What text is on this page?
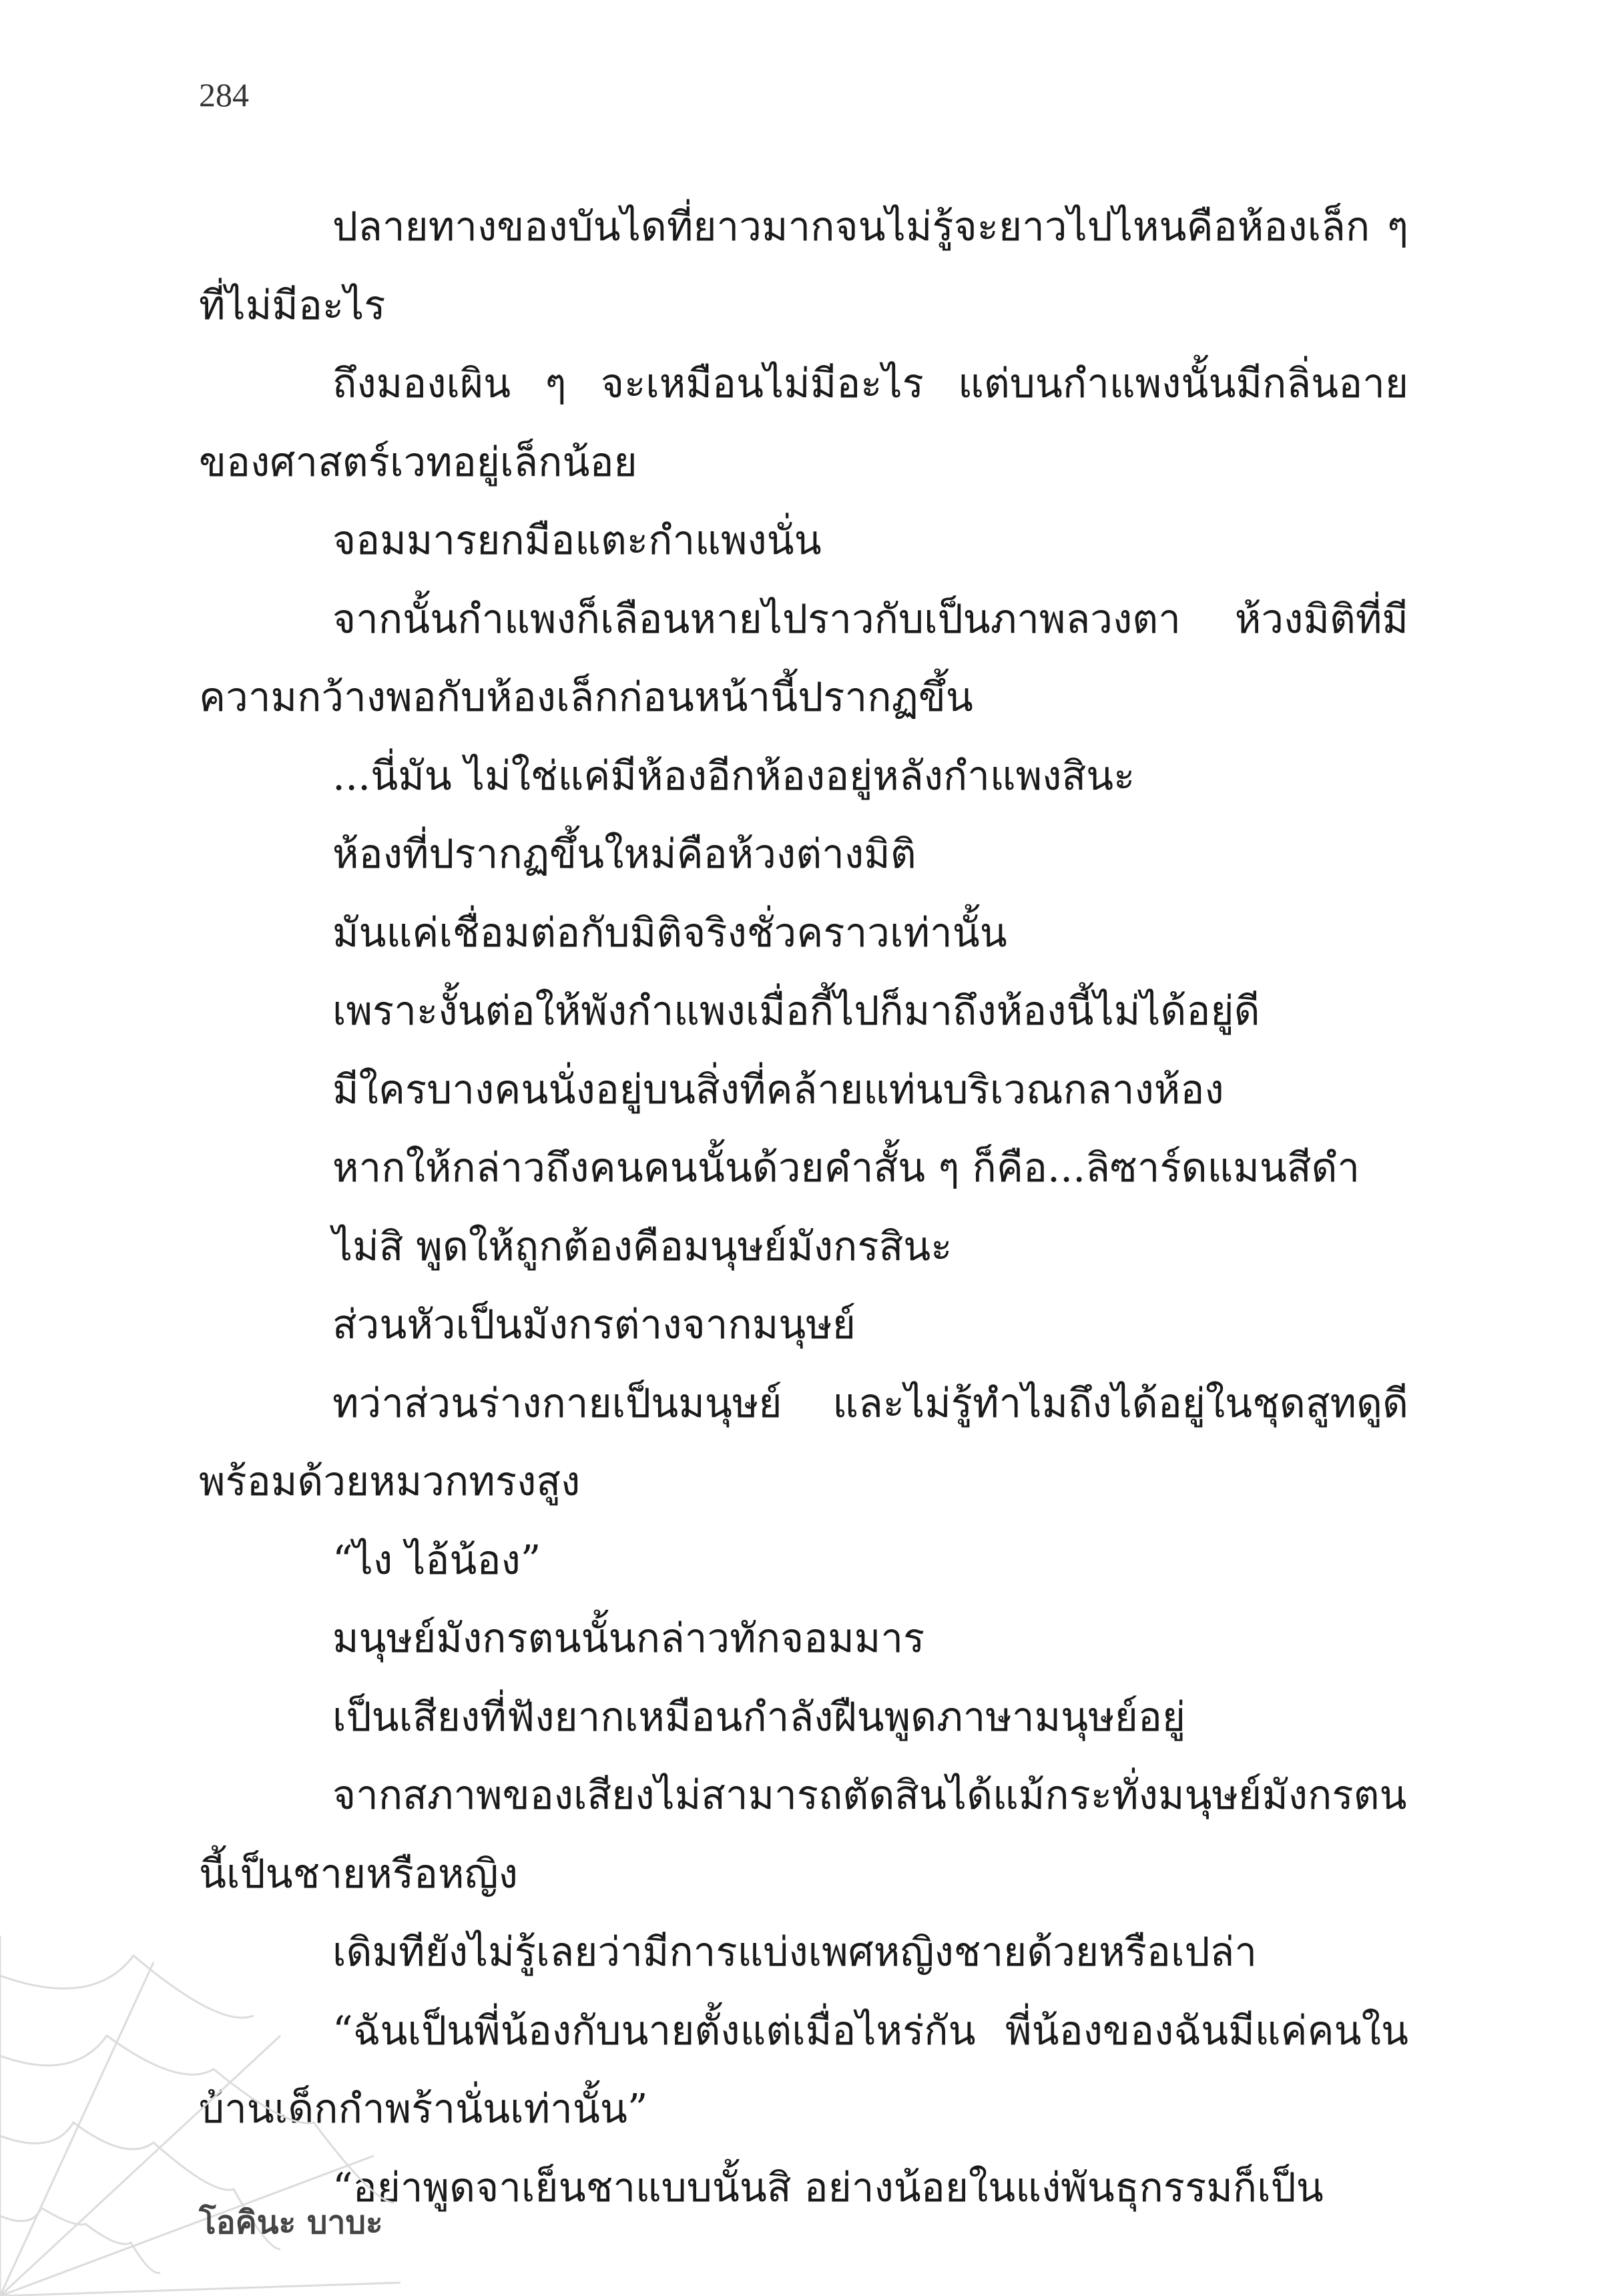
284

ปลายทางของบันไดที่ยาวมากจนไม่รู้จะยาวไปไหนคือห้องเล็ก ๆ ที่ไม่มีอะไร

ถึงมองเผิน ๆ จะเหมือนไม่มีอะไร แต่บนกำแพงนั้นมีกลิ่นอายของศาสตร์เวทอยู่เล็กน้อย

จอมมารยกมือแตะกำแพงนั่น

จากนั้นกำแพงก็เลือนหายไปราวกับเป็นภาพลวงตา ห้วงมิติที่มีความกว้างพอกับห้องเล็กก่อนหน้านี้ปรากฏขึ้น

...นี่มัน ไม่ใช่แค่มีห้องอีกห้องอยู่หลังกำแพงสินะ

ห้องที่ปรากฏขึ้นใหม่คือห้วงต่างมิติ

มันแค่เชื่อมต่อกับมิติจริงชั่วคราวเท่านั้น

เพราะงั้นต่อให้พังกำแพงเมื่อกี้ไปก็มาถึงห้องนี้ไม่ได้อยู่ดี

มีใครบางคนนั่งอยู่บนสิ่งที่คล้ายแท่นบริเวณกลางห้อง

หากให้กล่าวถึงคนคนนั้นด้วยคำสั้น ๆ ก็คือ...ลิซาร์ดแมนสีดำ

ไม่สิ พูดให้ถูกต้องคือมนุษย์มังกรสินะ

ส่วนหัวเป็นมังกรต่างจากมนุษย์

ทว่าส่วนร่างกายเป็นมนุษย์ และไม่รู้ทำไมถึงได้อยู่ในชุดสูทดูดีพร้อมด้วยหมวกทรงสูง

“ไง ไอ้น้อง”

มนุษย์มังกรตนนั้นกล่าวทักจอมมาร

เป็นเสียงที่ฟังยากเหมือนกำลังฝืนพูดภาษามนุษย์อยู่

จากสภาพของเสียงไม่สามารถตัดสินได้แม้กระทั่งมนุษย์มังกรตนนี้เป็นชายหรือหญิง

เดิมทียังไม่รู้เลยว่ามีการแบ่งเพศหญิงชายด้วยหรือเปล่า

“ฉันเป็นพี่น้องกับนายตั้งแต่เมื่อไหร่กัน พี่น้องของฉันมีแค่คนในบ้านเด็กกำพร้านั่นเท่านั้น”

“อย่าพูดจาเย็นชาแบบนั้นสิ อย่างน้อยในแง่พันธุกรรมก็เป็น

โอคินะ บาบะ
